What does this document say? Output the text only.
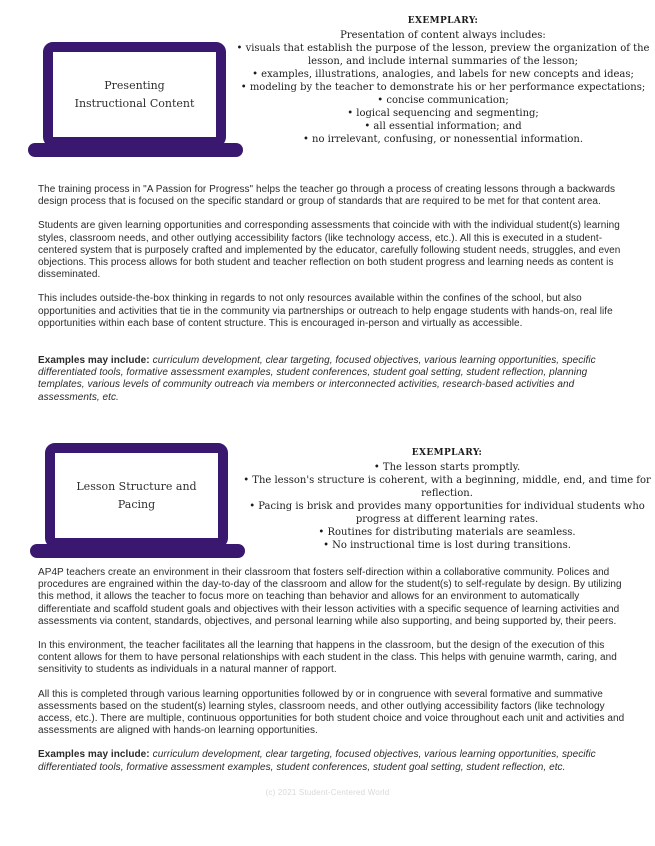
Presenting Instructional Content
EXEMPLARY:
Presentation of content always includes:
• visuals that establish the purpose of the lesson, preview the organization of the lesson, and include internal summaries of the lesson;
• examples, illustrations, analogies, and labels for new concepts and ideas;
• modeling by the teacher to demonstrate his or her performance expectations;
• concise communication;
• logical sequencing and segmenting;
• all essential information; and
• no irrelevant, confusing, or nonessential information.

The training process in "A Passion for Progress" helps the teacher go through a process of creating lessons through a backwards design process that is focused on the specific standard or group of standards that are required to be met for that content area.

Students are given learning opportunities and corresponding assessments that coincide with with the individual student(s) learning styles, classroom needs, and other outlying accessibility factors (like technology access, etc.). All this is executed in a student-centered system that is purposely crafted and implemented by the educator, carefully following student needs, struggles, and even objections. This process allows for both student and teacher reflection on both student progress and learning needs as content is disseminated.

This includes outside-the-box thinking in regards to not only resources available within the confines of the school, but also opportunities and activities that tie in the community via partnerships or outreach to help engage students with hands-on, real life opportunities within each base of content structure. This is encouraged in-person and virtually as accessible.

Examples may include: curriculum development, clear targeting, focused objectives, various learning opportunities, specific differentiated tools, formative assessment examples, student conferences, student goal setting, student reflection, planning templates, various levels of community outreach via members or interconnected activities, research-based activities and assessments, etc.

Lesson Structure and Pacing
EXEMPLARY:
• The lesson starts promptly.
• The lesson's structure is coherent, with a beginning, middle, end, and time for reflection.
• Pacing is brisk and provides many opportunities for individual students who progress at different learning rates.
• Routines for distributing materials are seamless.
• No instructional time is lost during transitions.

AP4P teachers create an environment in their classroom that fosters self-direction within a collaborative community. Polices and procedures are engrained within the day-to-day of the classroom and allow for the student(s) to self-regulate by design. By utilizing this method, it allows the teacher to focus more on teaching than behavior and allows for an environment to automatically differentiate and scaffold student goals and objectives with their lesson activities with a specific sequence of learning activities and assessments via content, standards, objectives, and personal learning while also supporting, and being supported by, their peers.

In this environment, the teacher facilitates all the learning that happens in the classroom, but the design of the execution of this content allows for them to have personal relationships with each student in the class. This helps with genuine warmth, caring, and sensitivity to students as individuals in a natural manner of rapport.

All this is completed through various learning opportunities followed by or in congruence with several formative and summative assessments based on the student(s) learning styles, classroom needs, and other outlying accessibility factors (like technology access, etc.). There are multiple, continuous opportunities for both student choice and voice throughout each unit and activities and assessments are aligned with hands-on learning opportunities.

Examples may include: curriculum development, clear targeting, focused objectives, various learning opportunities, specific differentiated tools, formative assessment examples, student conferences, student goal setting, student reflection, etc.

(c) 2021 Student-Centered World
